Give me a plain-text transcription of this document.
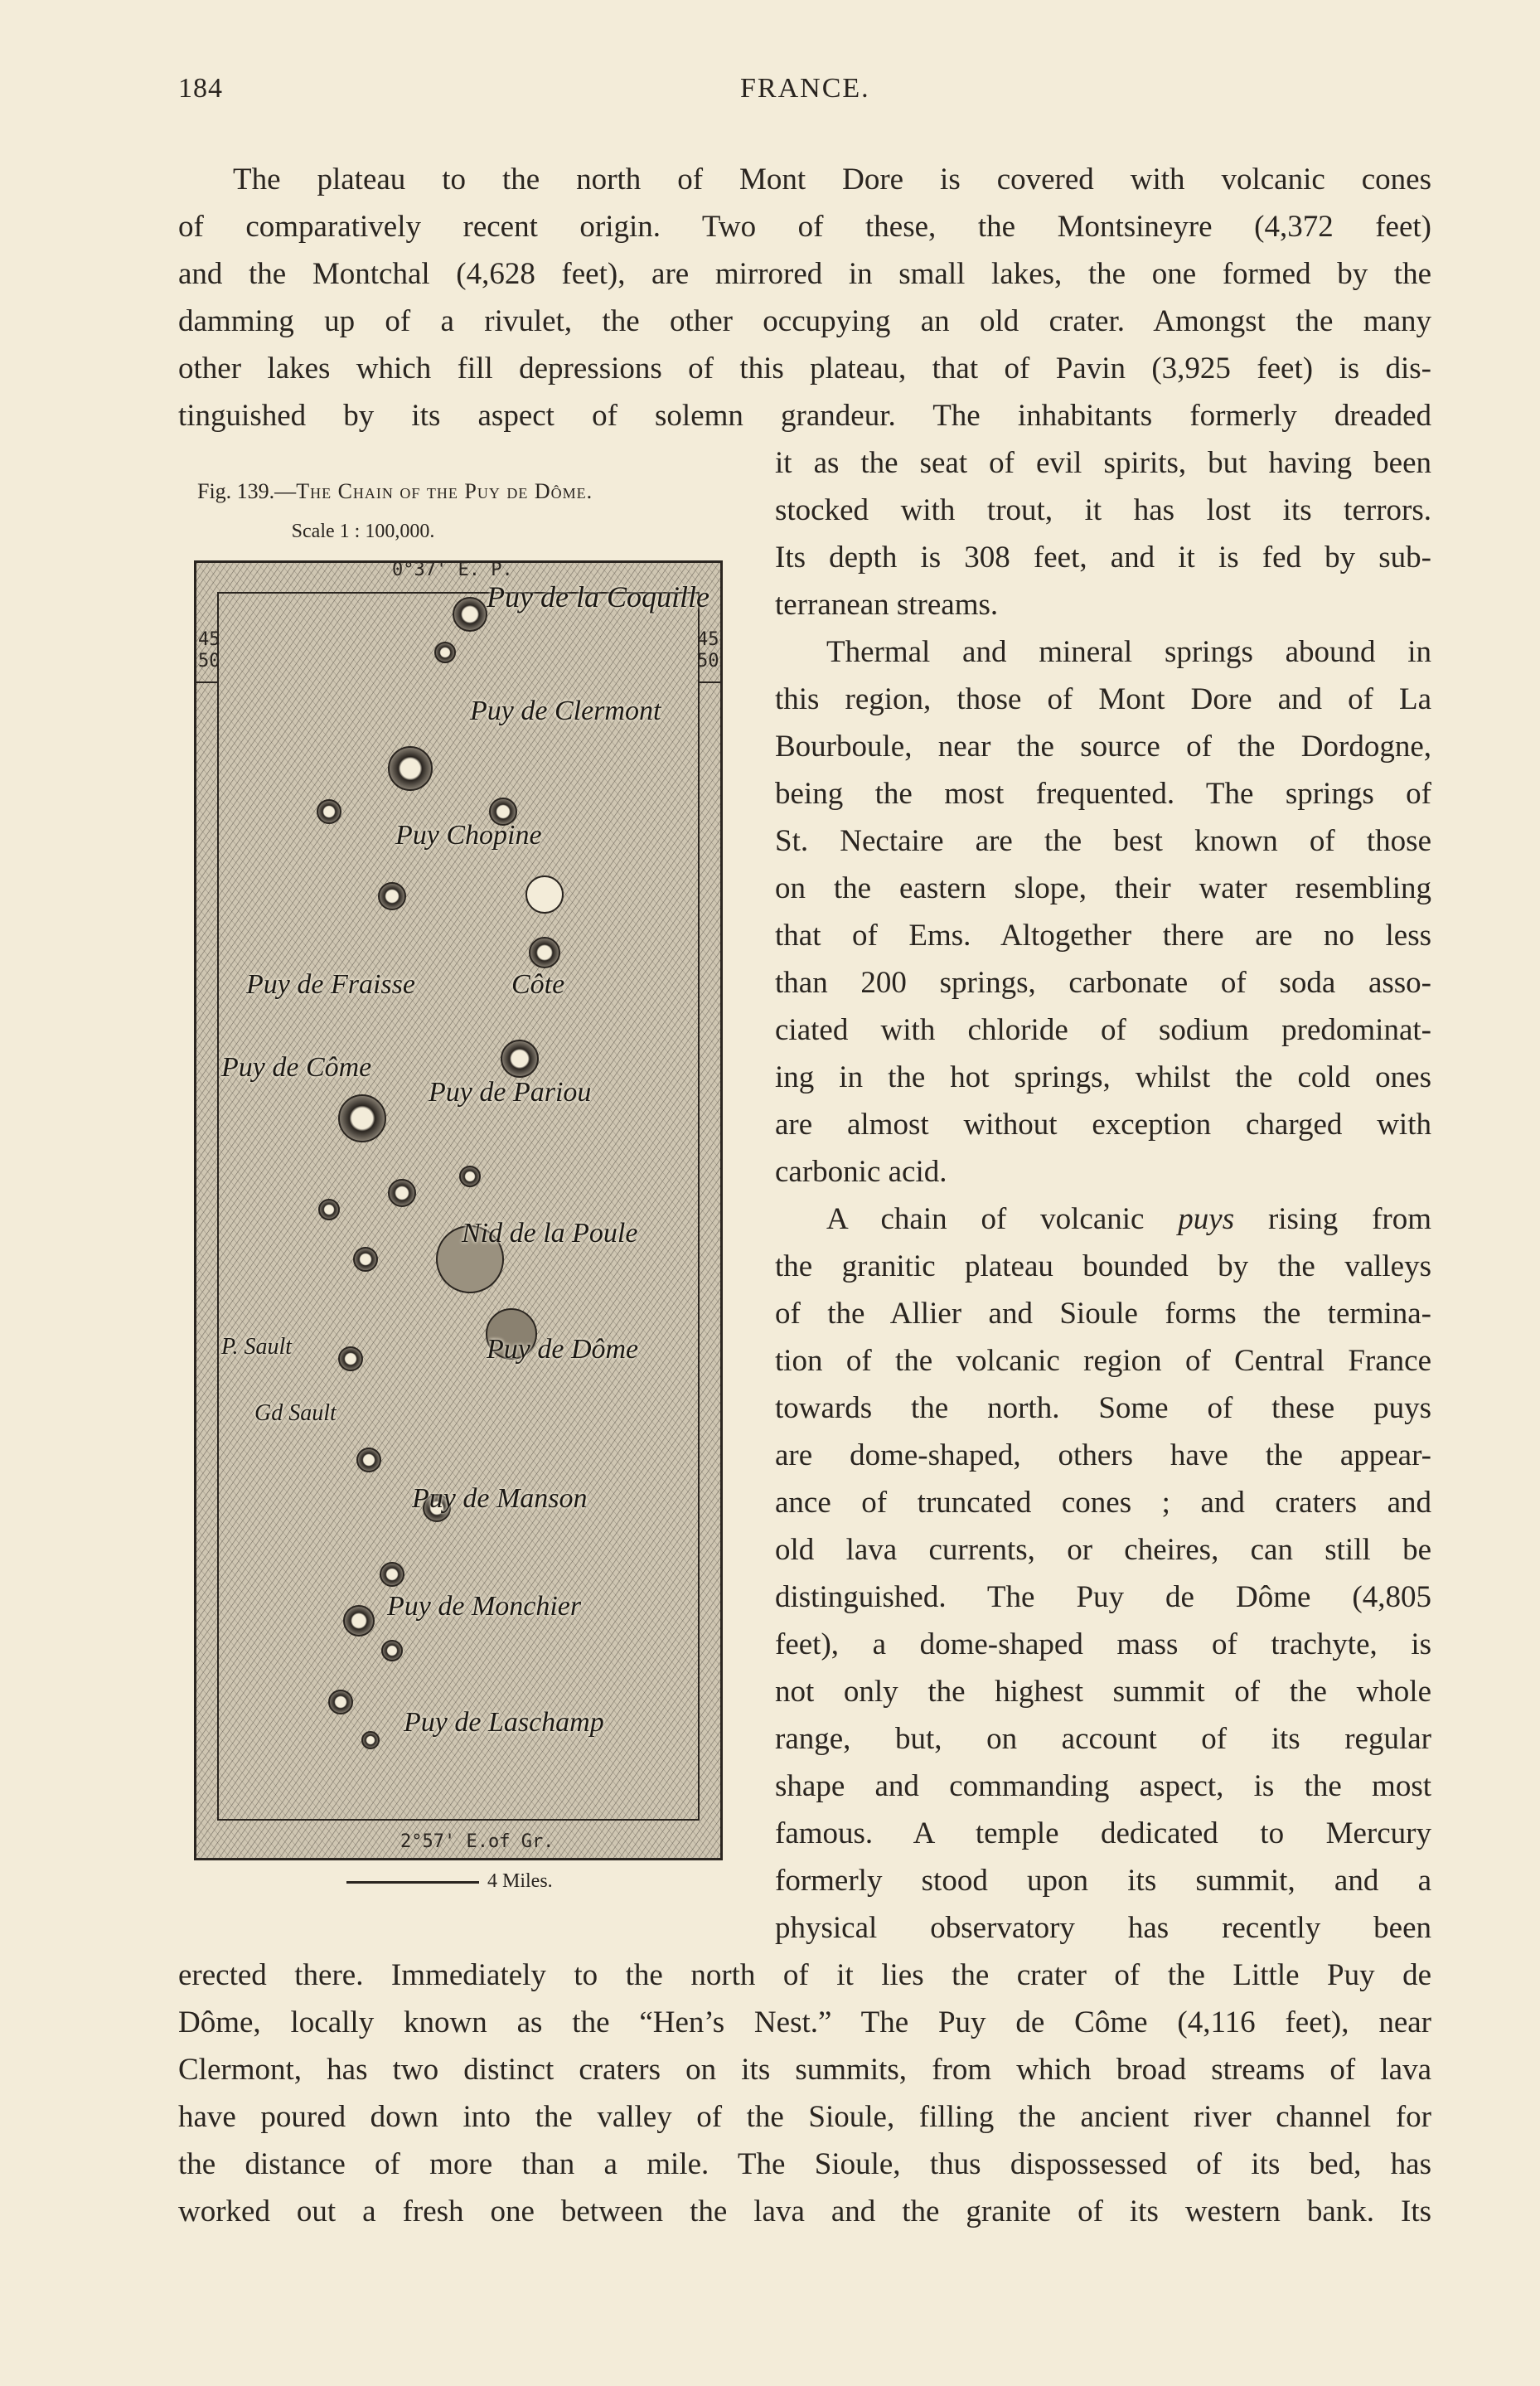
184	FRANCE.
The plateau to the north of Mont Dore is covered with volcanic cones
of comparatively recent origin. Two of these, the Montsineyre (4,372 feet)
and the Montchal (4,628 feet), are mirrored in small lakes, the one formed by the
damming up of a rivulet, the other occupying an old crater. Amongst the many
other lakes which fill depressions of this plateau, that of Pavin (3,925 feet) is dis-
tinguished by its aspect of solemn grandeur. The inhabitants formerly dreaded
it as the seat of evil spirits, but having been
stocked with trout, it has lost its terrors.
Its depth is 308 feet, and it is fed by sub-
terranean streams.
Thermal and mineral springs abound in
this region, those of Mont Dore and of La
Bourboule, near the source of the Dordogne,
being the most frequented. The springs of
St. Nectaire are the best known of those
on the eastern slope, their water resembling
that of Ems. Altogether there are no less
than 200 springs, carbonate of soda asso-
ciated with chloride of sodium predominat-
ing in the hot springs, whilst the cold ones
are almost without exception charged with
carbonic acid.
A chain of volcanic puys rising from
the granitic plateau bounded by the valleys
of the Allier and Sioule forms the termina-
tion of the volcanic region of Central France
towards the north. Some of these puys
are dome-shaped, others have the appear-
ance of truncated cones ; and craters and
old lava currents, or cheires, can still be
distinguished. The Puy de Dôme (4,805
feet), a dome-shaped mass of trachyte, is
not only the highest summit of the whole
range, but, on account of its regular
shape and commanding aspect, is the most
famous. A temple dedicated to Mercury
formerly stood upon its summit, and a
physical observatory has recently been
erected there. Immediately to the north of it lies the crater of the Little Puy de
Dôme, locally known as the “Hen’s Nest.” The Puy de Côme (4,116 feet), near
Clermont, has two distinct craters on its summits, from which broad streams of lava
have poured down into the valley of the Sioule, filling the ancient river channel for
the distance of more than a mile. The Sioule, thus dispossessed of its bed, has
worked out a fresh one between the lava and the granite of its western bank. Its
Fig. 139.—The Chain of the Puy de Dôme.
Scale 1 : 100,000.
0°37' E. P.
2°57' E.of Gr.
45
50
45
50
Puy de la Coquille
Puy de Clermont
Puy Chopine
Puy de Fraisse	Côte
Puy de Côme
Puy de Pariou
Nid de la Poule
Puy de Dôme
P. Sault
Gd Sault
Puy de Manson
Puy de Monchier
Puy de Laschamp
4 Miles.
